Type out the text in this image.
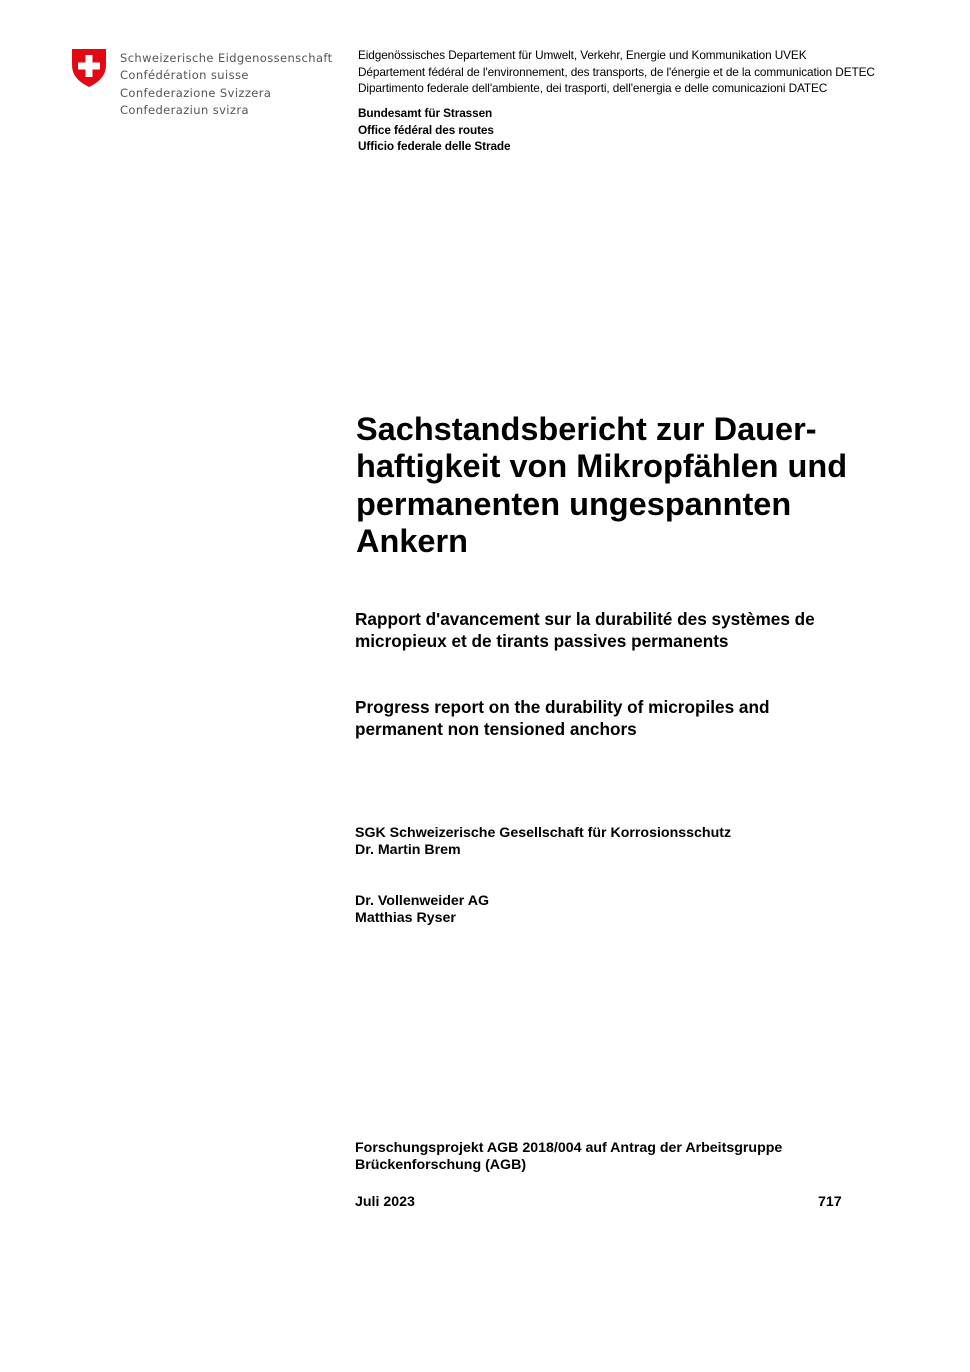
Schweizerische Eidgenossenschaft
Confédération suisse
Confederazione Svizzera
Confederaziun svizra
Eidgenössisches Departement für Umwelt, Verkehr, Energie und Kommunikation UVEK
Département fédéral de l'environnement, des transports, de l'énergie et de la communication DETEC
Dipartimento federale dell'ambiente, dei trasporti, dell'energia e delle comunicazioni DATEC
Bundesamt für Strassen
Office fédéral des routes
Ufficio federale delle Strade
Sachstandsbericht zur Dauer-
haftigkeit von Mikropfählen und
permanenten ungespannten
Ankern
Rapport d'avancement sur la durabilité des systèmes de
micropieux et de tirants passives permanents
Progress report on the durability of micropiles and
permanent non tensioned anchors
SGK Schweizerische Gesellschaft für Korrosionsschutz
Dr. Martin Brem
Dr. Vollenweider AG
Matthias Ryser
Forschungsprojekt AGB 2018/004 auf Antrag der Arbeitsgruppe
Brückenforschung (AGB)
Juli 2023	717
